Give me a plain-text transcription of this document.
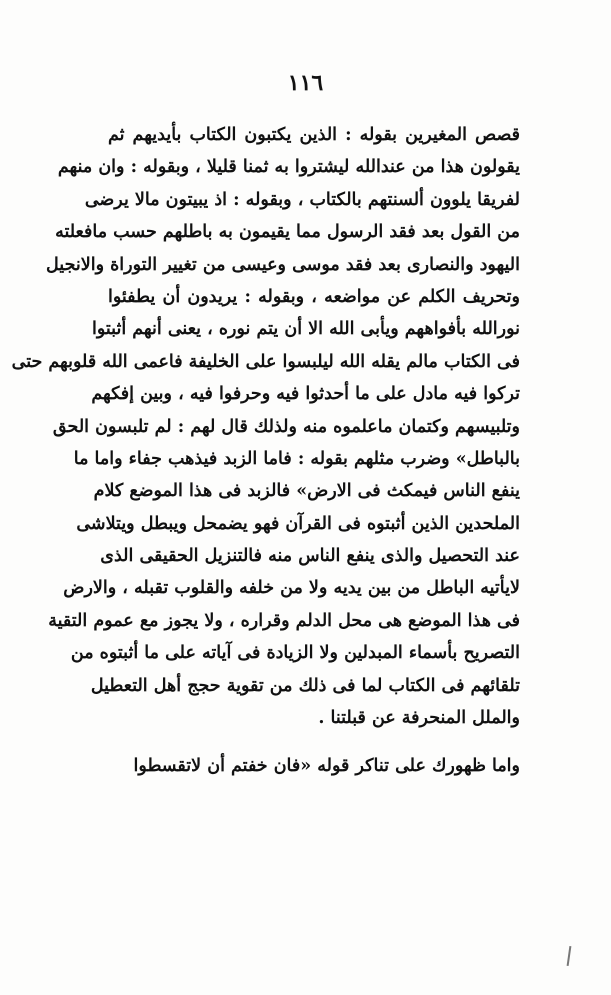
١١٦
قصص المغيرين بقوله : الذين يكتبون الكتاب بأيديهم ثم
يقولون هذا من عندالله ليشتروا به ثمنا قليلا ، وبقوله : وان منهم
لفريقا يلوون ألسنتهم بالكتاب ، وبقوله : اذ يبيتون مالا يرضى
من القول بعد فقد الرسول مما يقيمون به باطلهم حسب مافعلته
اليهود والنصارى بعد فقد موسى وعيسى من تغيير التوراة والانجيل
وتحريف الكلم عن مواضعه ، وبقوله : يريدون أن يطفئوا
نورالله بأفواههم ويأبى الله الا أن يتم نوره ، يعنى أنهم أثبتوا
فى الكتاب مالم يقله الله ليلبسوا على الخليفة فاعمى الله قلوبهم حتى
تركوا فيه مادل على ما أحدثوا فيه وحرفوا فيه ، وبين إفكهم
وتلبيسهم وكتمان ماعلموه منه ولذلك قال لهم : لم تلبسون الحق
بالباطل» وضرب مثلهم بقوله : فاما الزبد فيذهب جفاء واما ما
ينفع الناس فيمكث فى الارض» فالزبد فى هذا الموضع كلام
الملحدين الذين أثبتوه فى القرآن فهو يضمحل ويبطل ويتلاشى
عند التحصيل والذى ينفع الناس منه فالتنزيل الحقيقى الذى
لايأتيه الباطل من بين يديه ولا من خلفه والقلوب تقبله ، والارض
فى هذا الموضع هى محل الدلم وقراره ، ولا يجوز مع عموم التقية
التصريح بأسماء المبدلين ولا الزيادة فى آياته على ما أثبتوه من
تلقائهم فى الكتاب لما فى ذلك من تقوية حجج أهل التعطيل
والملل المنحرفة عن قبلتنا .
واما ظهورك على تناكر قوله «فان خفتم أن لاتقسطوا
